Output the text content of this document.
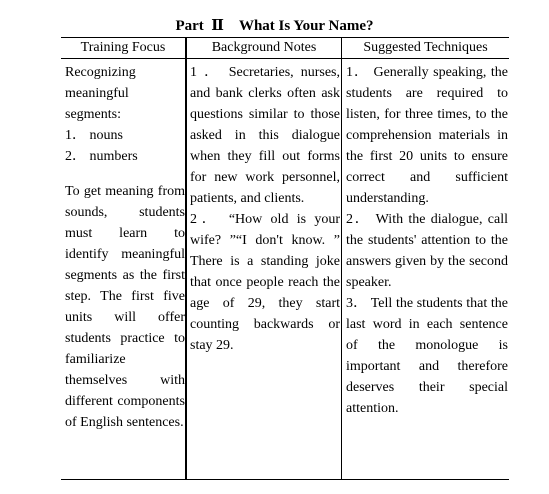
Part Ⅱ What Is Your Name?
Training Focus	Background Notes	Suggested Techniques

Recognizing meaningful segments:

1． nouns

2． numbers

To get meaning from sounds, students must learn to identify meaningful segments as the first step. The first five units will offer students practice to familiarize themselves with different components of English sentences.

1 ． Secretaries, nurses, and bank clerks often ask questions similar to those asked in this dialogue when they fill out forms for new work personnel, patients, and clients.

2． “How old is your wife? ”“I don't know. ” There is a standing joke that once people reach the age of 29, they start counting backwards or stay 29.

1． Generally speaking, the students are required to listen, for three times, to the comprehension materials in the first 20 units to ensure correct and sufficient understanding.

2． With the dialogue, call the students' attention to the answers given by the second speaker.

3． Tell the students that the last word in each sentence of the monologue is important and therefore deserves their special attention.
